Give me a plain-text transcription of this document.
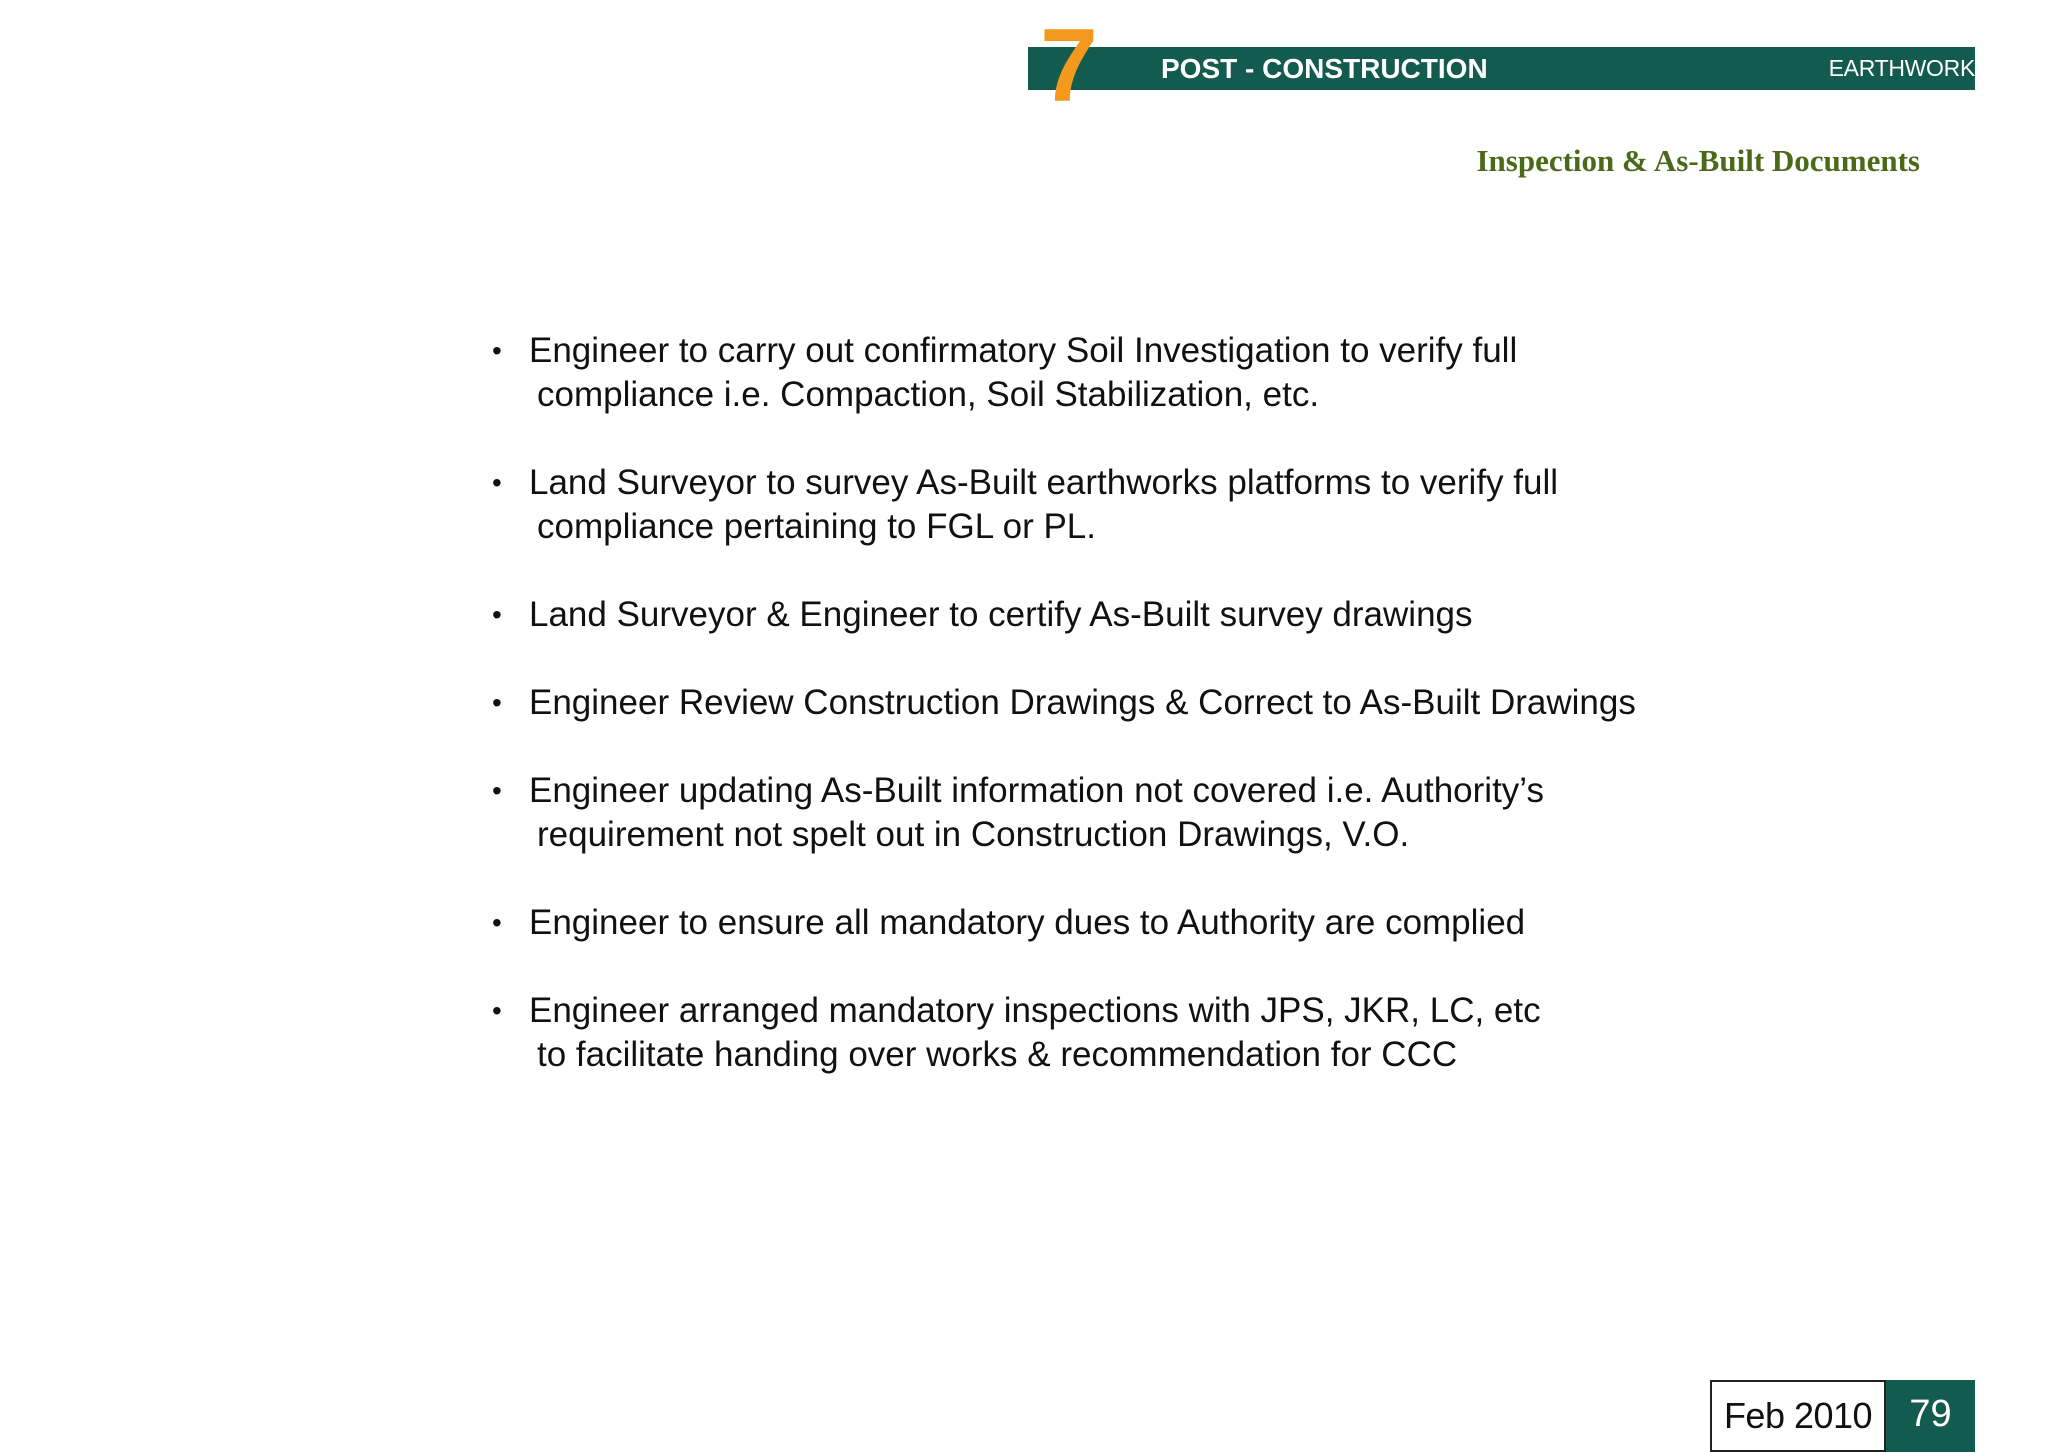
7 POST - CONSTRUCTION	EARTHWORK
Inspection & As-Built Documents
• Engineer to carry out confirmatory Soil Investigation to verify full
compliance i.e. Compaction, Soil Stabilization, etc.
• Land Surveyor to survey As-Built earthworks platforms to verify full
compliance pertaining to FGL or PL.
• Land Surveyor & Engineer to certify As-Built survey drawings
• Engineer Review Construction Drawings & Correct to As-Built Drawings
• Engineer updating As-Built information not covered i.e. Authority’s
requirement not spelt out in Construction Drawings, V.O.
• Engineer to ensure all mandatory dues to Authority are complied
• Engineer arranged mandatory inspections with JPS, JKR, LC, etc
to facilitate handing over works & recommendation for CCC
Feb 2010 79
